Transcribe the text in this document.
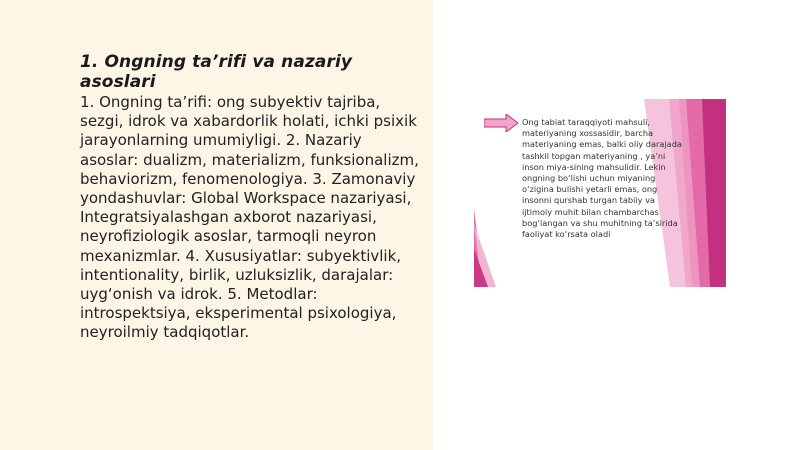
1. Ongning ta’rifi va nazariy asoslari

1. Ongning ta’rifi: ong subyektiv tajriba, sezgi, idrok va xabardorlik holati, ichki psixik jarayonlarning umumiyligi. 2. Nazariy asoslar: dualizm, materializm, funksionalizm, behaviorizm, fenomenologiya. 3. Zamonaviy yondashuvlar: Global Workspace nazariyasi, Integratsiyalashgan axborot nazariyasi, neyrofiziologik asoslar, tarmoqli neyron mexanizmlar. 4. Xususiyatlar: subyektivlik, intentionality, birlik, uzluksizlik, darajalar: uyg‘onish va idrok. 5. Metodlar: introspektsiya, eksperimental psixologiya, neyroilmiy tadqiqotlar.

Ong tabiat taraqqiyoti mahsuli, materiyaning xossasidir, barcha materiyaning emas, balki oliy darajada tashkil topgan materiyaning , ya’ni inson miya-sining mahsulidir. Lekin ongning bo‘lishi uchun miyaning o‘zigina bulishi yetarli emas, ong insonni qurshab turgan tabiiy va ijtimoiy muhit bilan chambarchas bog‘langan va shu muhitning ta’sirida faoliyat ko‘rsata oladi
